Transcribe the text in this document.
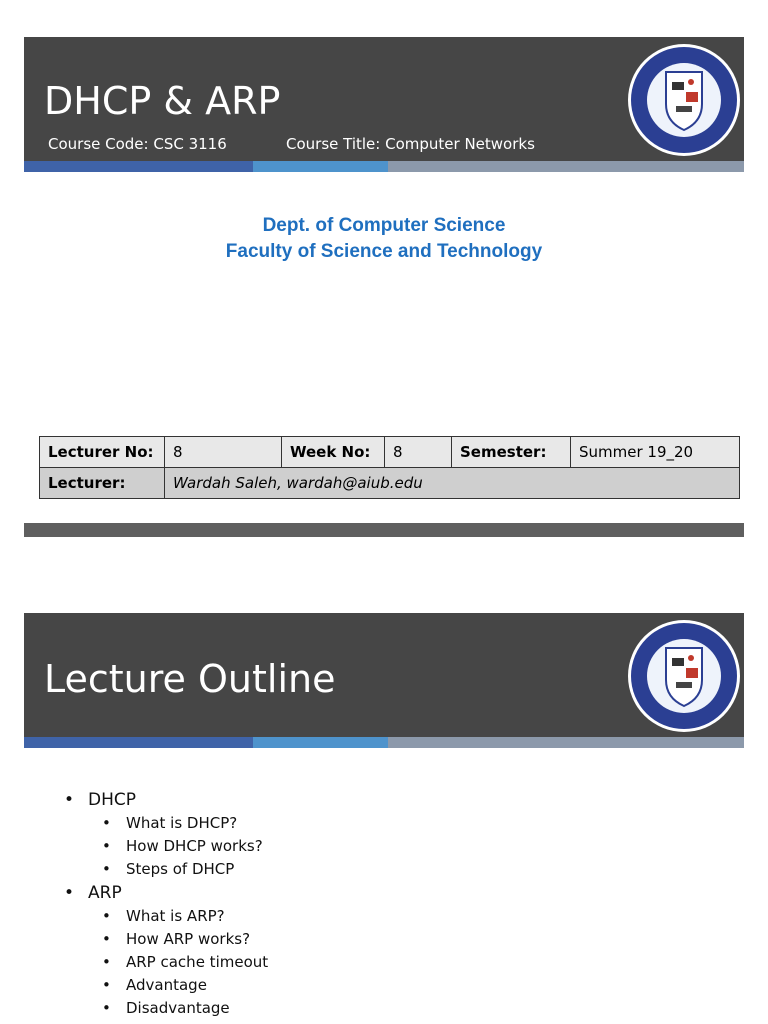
DHCP & ARP
Course Code: CSC 3116	Course Title: Computer Networks
Dept. of Computer Science
Faculty of Science and Technology
Lecturer No:	8	Week No:	8	Semester:	Summer 19_20
Lecturer:	Wardah Saleh, wardah@aiub.edu				
Lecture Outline
• DHCP
• What is DHCP?
• How DHCP works?
• Steps of DHCP
• ARP
• What is ARP?
• How ARP works?
• ARP cache timeout
• Advantage
• Disadvantage
